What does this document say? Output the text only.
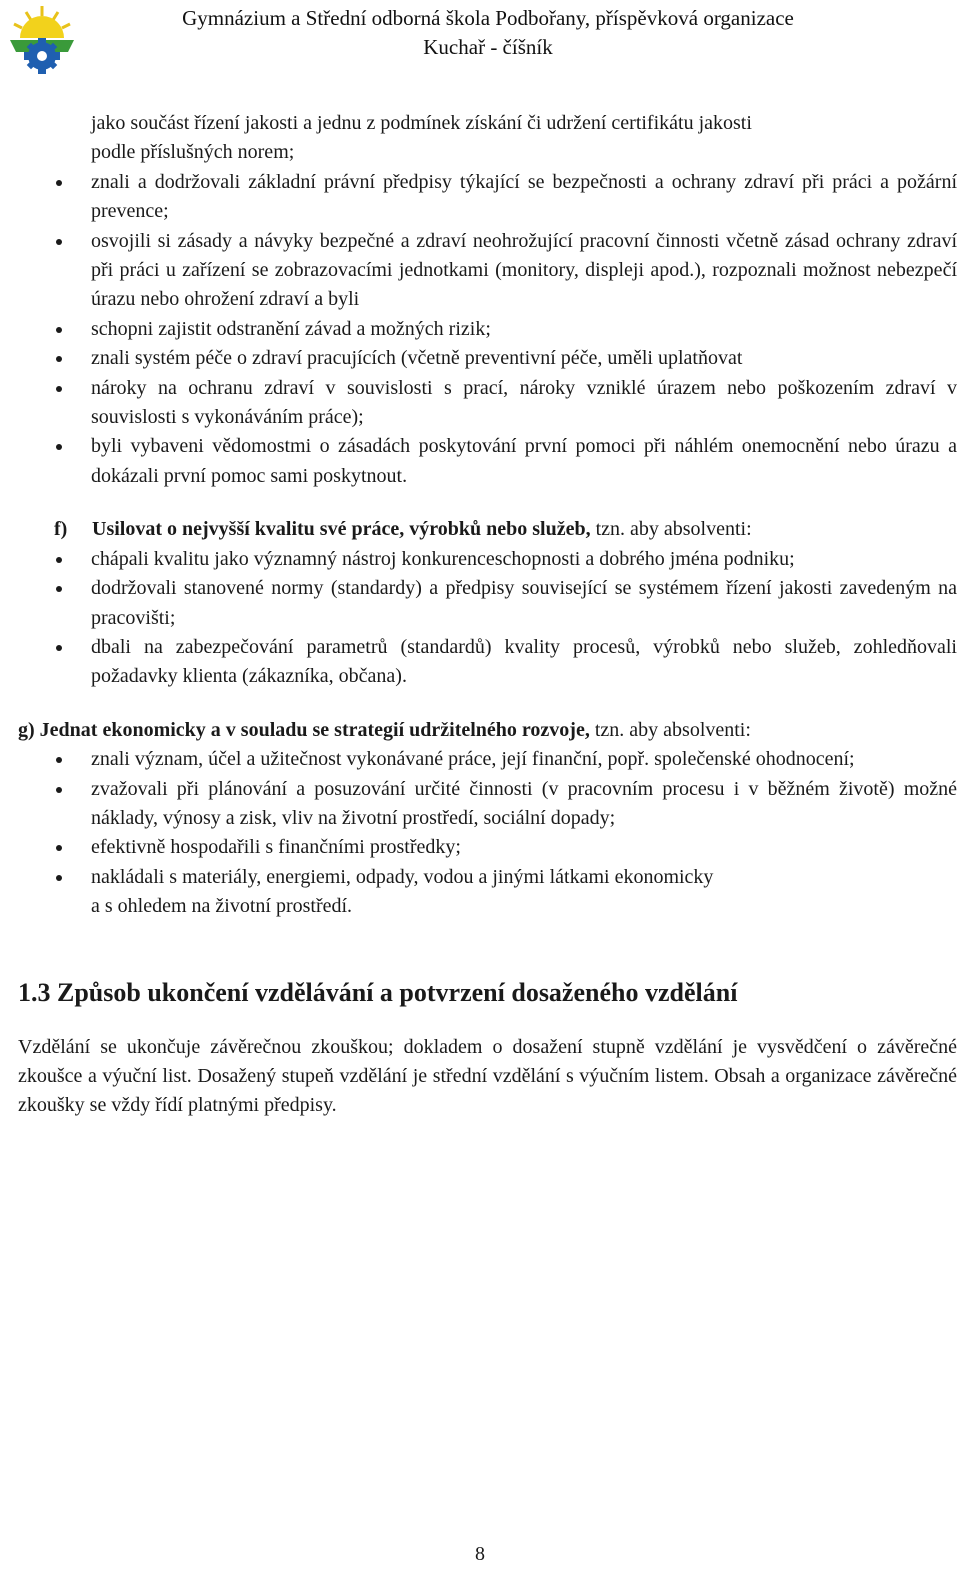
Gymnázium a Střední odborná škola Podbořany, příspěvková organizace
Kuchař - číšník
jako součást řízení jakosti a jednu z podmínek získání či udržení certifikátu jakosti
podle příslušných norem;
znali a dodržovali základní právní předpisy týkající se bezpečnosti a ochrany zdraví při práci a požární prevence;
osvojili si zásady a návyky bezpečné a zdraví neohrožující pracovní činnosti včetně zásad ochrany zdraví při práci u zařízení se zobrazovacími jednotkami (monitory, displeji apod.), rozpoznali možnost nebezpečí úrazu nebo ohrožení zdraví a byli
schopni zajistit odstranění závad a možných rizik;
znali systém péče o zdraví pracujících (včetně preventivní péče, uměli uplatňovat
nároky na ochranu zdraví v souvislosti s prací, nároky vzniklé úrazem nebo poškozením zdraví v souvislosti s vykonáváním práce);
byli vybaveni vědomostmi o zásadách poskytování první pomoci při náhlém onemocnění nebo úrazu a dokázali první pomoc sami poskytnout.
f) Usilovat o nejvyšší kvalitu své práce, výrobků nebo služeb, tzn. aby absolventi:
chápali kvalitu jako významný nástroj konkurenceschopnosti a dobrého jména podniku;
dodržovali stanovené normy (standardy) a předpisy související se systémem řízení jakosti zavedeným na pracovišti;
dbali na zabezpečování parametrů (standardů) kvality procesů, výrobků nebo služeb, zohledňovali požadavky klienta (zákazníka, občana).
g) Jednat ekonomicky a v souladu se strategií udržitelného rozvoje, tzn. aby absolventi:
znali význam, účel a užitečnost vykonávané práce, její finanční, popř. společenské ohodnocení;
zvažovali při plánování a posuzování určité činnosti (v pracovním procesu i v běžném životě) možné náklady, výnosy a zisk, vliv na životní prostředí, sociální dopady;
efektivně hospodařili s finančními prostředky;
nakládali s materiály, energiemi, odpady, vodou a jinými látkami ekonomicky
a s ohledem na životní prostředí.
1.3 Způsob ukončení vzdělávání a potvrzení dosaženého vzdělání
Vzdělání se ukončuje závěrečnou zkouškou; dokladem o dosažení stupně vzdělání je vysvědčení o závěrečné zkoušce a výuční list. Dosažený stupeň vzdělání je střední vzdělání s výučním listem. Obsah a organizace závěrečné zkoušky se vždy řídí platnými předpisy.
8
